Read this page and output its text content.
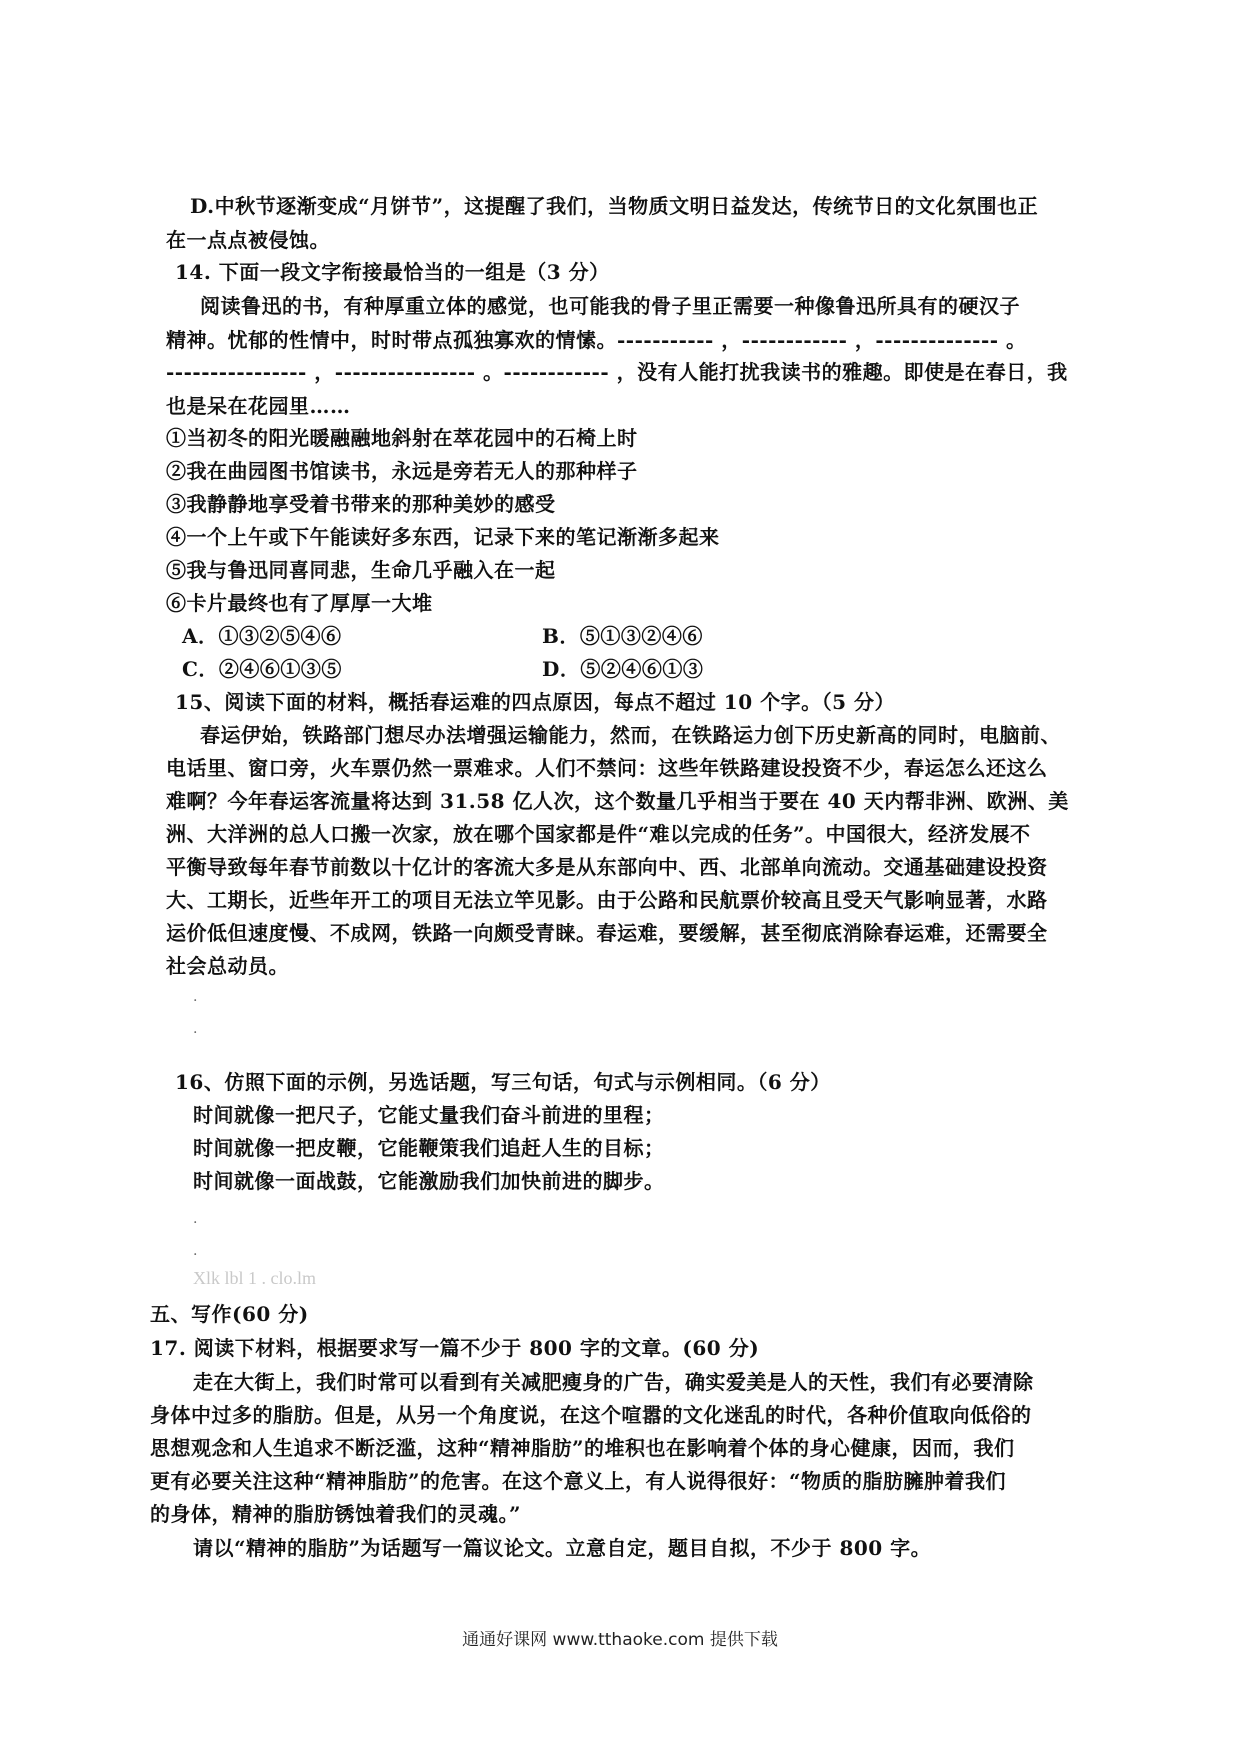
D.中秋节逐渐变成“月饼节”，这提醒了我们，当物质文明日益发达，传统节日的文化氛围也正
在一点点被侵蚀。
14. 下面一段文字衔接最恰当的一组是（3 分）
阅读鲁迅的书，有种厚重立体的感觉，也可能我的骨子里正需要一种像鲁迅所具有的硬汉子
精神。忧郁的性情中，时时带点孤独寡欢的情愫。----------- ，------------ ，-------------- 。
---------------- ，---------------- 。------------ ，没有人能打扰我读书的雅趣。即使是在春日，我
也是呆在花园里……
①当初冬的阳光暖融融地斜射在萃花园中的石椅上时
②我在曲园图书馆读书，永远是旁若无人的那种样子
③我静静地享受着书带来的那种美妙的感受
④一个上午或下午能读好多东西，记录下来的笔记渐渐多起来
⑤我与鲁迅同喜同悲，生命几乎融入在一起
⑥卡片最终也有了厚厚一大堆
A．①③②⑤④⑥	B．⑤①③②④⑥
C．②④⑥①③⑤	D．⑤②④⑥①③
15、阅读下面的材料，概括春运难的四点原因，每点不超过 10 个字。（5 分）
春运伊始，铁路部门想尽办法增强运输能力，然而，在铁路运力创下历史新高的同时，电脑前、
电话里、窗口旁，火车票仍然一票难求。人们不禁问：这些年铁路建设投资不少，春运怎么还这么
难啊？今年春运客流量将达到 31.58 亿人次，这个数量几乎相当于要在 40 天内帮非洲、欧洲、美
洲、大洋洲的总人口搬一次家，放在哪个国家都是件“难以完成的任务”。中国很大，经济发展不
平衡导致每年春节前数以十亿计的客流大多是从东部向中、西、北部单向流动。交通基础建设投资
大、工期长，近些年开工的项目无法立竿见影。由于公路和民航票价较高且受天气影响显著，水路
运价低但速度慢、不成网，铁路一向颇受青睐。春运难，要缓解，甚至彻底消除春运难，还需要全
社会总动员。
.
.
16、仿照下面的示例，另选话题，写三句话，句式与示例相同。（6 分）
时间就像一把尺子，它能丈量我们奋斗前进的里程；
时间就像一把皮鞭，它能鞭策我们追赶人生的目标；
时间就像一面战鼓，它能激励我们加快前进的脚步。
.
.
Xlk lbl 1 . clo.lm
五、写作(60 分)
17. 阅读下材料，根据要求写一篇不少于 800 字的文章。(60 分)
走在大街上，我们时常可以看到有关减肥瘦身的广告，确实爱美是人的天性，我们有必要清除
身体中过多的脂肪。但是，从另一个角度说，在这个喧嚣的文化迷乱的时代，各种价值取向低俗的
思想观念和人生追求不断泛滥，这种“精神脂肪”的堆积也在影响着个体的身心健康，因而，我们
更有必要关注这种“精神脂肪”的危害。在这个意义上，有人说得很好：“物质的脂肪臃肿着我们
的身体，精神的脂肪锈蚀着我们的灵魂。”
请以“精神的脂肪”为话题写一篇议论文。立意自定，题目自拟，不少于 800 字。
通通好课网 www.tthaoke.com 提供下载
